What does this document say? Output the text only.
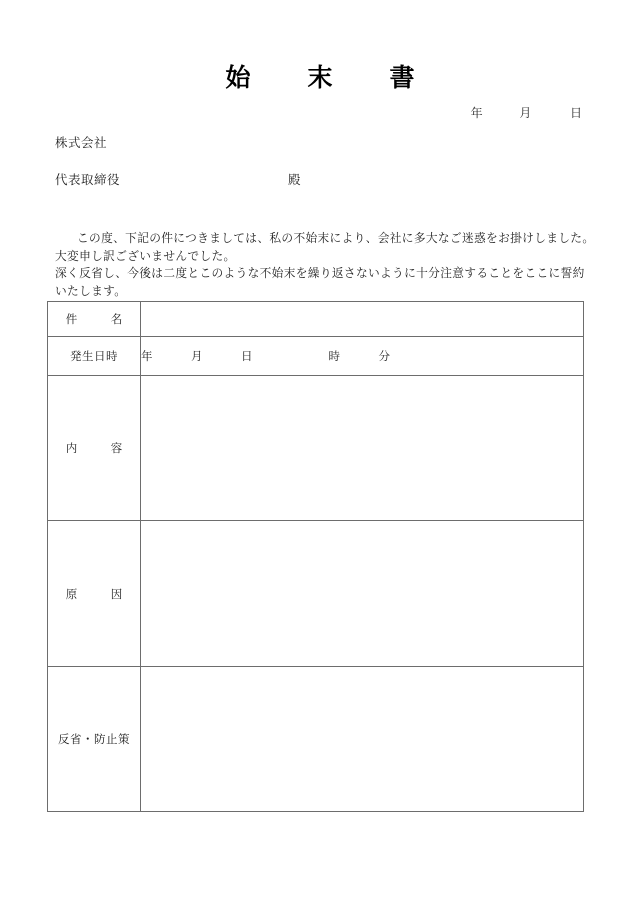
始　末　書
年	月	日
株式会社
代表取締役	殿
この度、下記の件につきましては、私の不始末により、会社に多大なご迷惑をお掛けしました。
大変申し訳ございませんでした。
深く反省し、今後は二度とこのような不始末を繰り返さないように十分注意することをここに誓約
いたします。
件　名	
発生日時	年　　　月　　　日　　　　　　時　　　分
内　容	
原　因	
反省・防止策	
